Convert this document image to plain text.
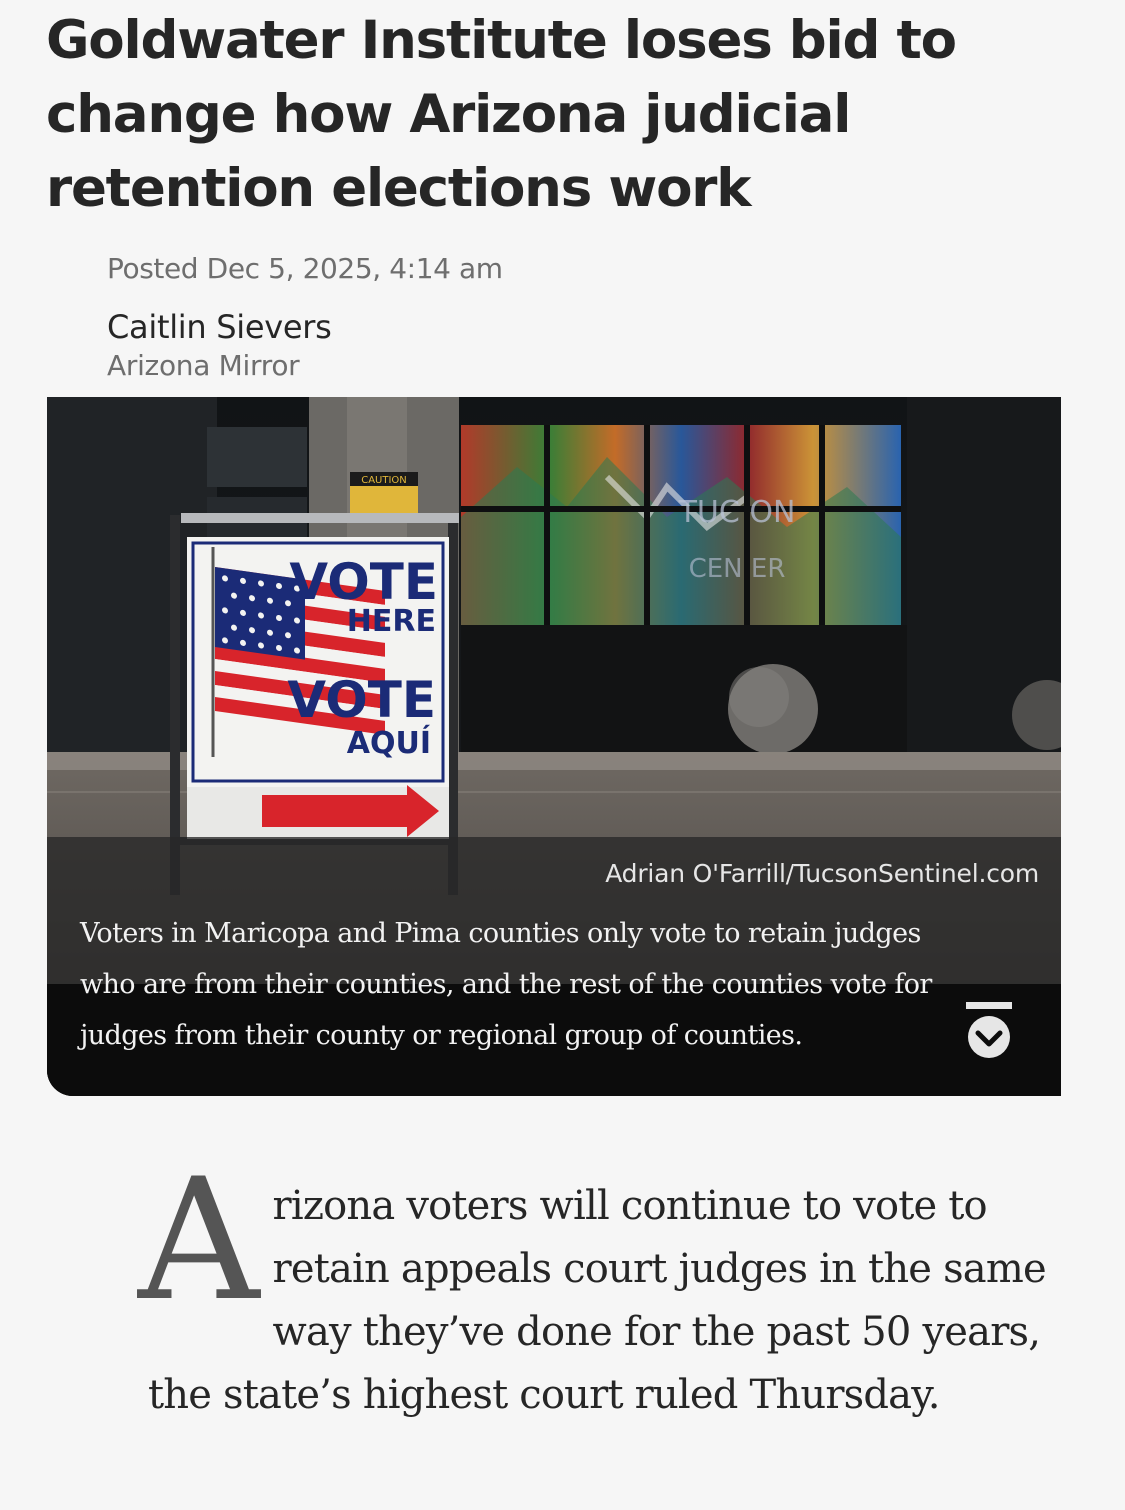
Goldwater Institute loses bid to change how Arizona judicial retention elections work
Posted Dec 5, 2025, 4:14 am
Caitlin Sievers
Arizona Mirror
CAUTION
TUC ON
CEN ER
VOTE
HERE
VOTE
AQUÍ
Adrian O'Farrill/TucsonSentinel.com

Voters in Maricopa and Pima counties only vote to retain judges who are from their counties, and the rest of the counties vote for judges from their county or regional group of counties.

Arizona voters will continue to vote to retain appeals court judges in the same way they’ve done for the past 50 years, the state’s highest court ruled Thursday.
